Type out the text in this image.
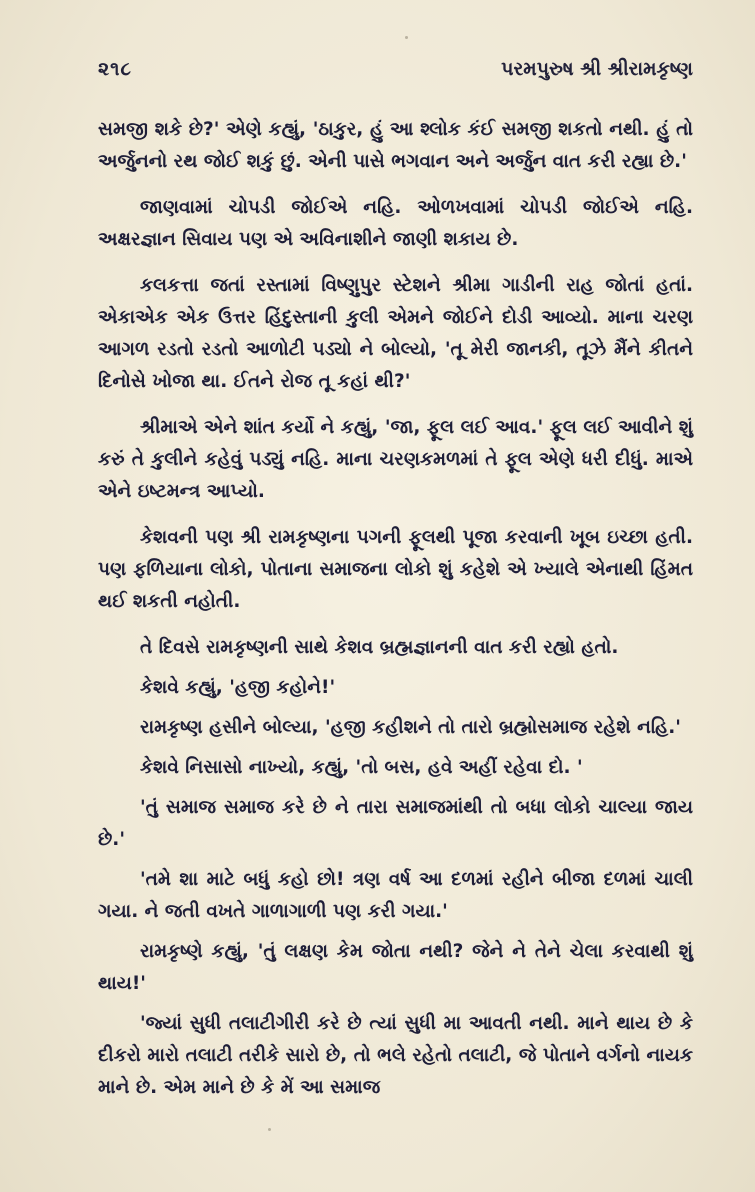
૨૧૮	પરમપુરુષ શ્રી શ્રીરામકૃષ્ણ

સમજી શકે છે?' એણે કહ્યું, 'ઠાકુર, હું આ શ્લોક કંઈ સમજી શકતો નથી. હું તો અર્જુનનો રથ જોઈ શકું છું. એની પાસે ભગવાન અને અર્જુન વાત કરી રહ્યા છે.'

જાણવામાં ચોપડી જોઈએ નહિ. ઓળખવામાં ચોપડી જોઈએ નહિ. અક્ષરજ્ઞાન સિવાય પણ એ અવિનાશીને જાણી શકાય છે.

કલકત્તા જતાં રસ્તામાં વિષ્ણુપુર સ્ટેશને શ્રીમા ગાડીની રાહ જોતાં હતાં. એકાએક એક ઉત્તર હિંદુસ્તાની કુલી એમને જોઈને દોડી આવ્યો. માના ચરણ આગળ રડતો રડતો આળોટી પડ્યો ને બોલ્યો, 'તૂ મેરી જાનકી, તૂઝે મૈંને કીતને દિનોસે ખોજા થા. ઈતને રોજ તૂ કહાં થી?'

શ્રીમાએ એને શાંત કર્યો ને કહ્યું, 'જા, ફૂલ લઈ આવ.' ફૂલ લઈ આવીને શું કરું તે કુલીને કહેવું પડ્યું નહિ. માના ચરણકમળમાં તે ફૂલ એણે ધરી દીધું. માએ એને ઇષ્ટમન્ત્ર આપ્યો.

કેશવની પણ શ્રી રામકૃષ્ણના પગની ફૂલથી પૂજા કરવાની ખૂબ ઇચ્છા હતી. પણ ફળિયાના લોકો, પોતાના સમાજના લોકો શું કહેશે એ ખ્યાલે એનાથી હિંમત થઈ શકતી નહોતી.

તે દિવસે રામકૃષ્ણની સાથે કેશવ બ્રહ્મજ્ઞાનની વાત કરી રહ્યો હતો.

કેશવે કહ્યું, 'હજી કહોને!'

રામકૃષ્ણ હસીને બોલ્યા, 'હજી કહીશને તો તારો બ્રહ્મોસમાજ રહેશે નહિ.'

કેશવે નિસાસો નાખ્યો, કહ્યું, 'તો બસ, હવે અહીં રહેવા દો. '

'તું સમાજ સમાજ કરે છે ને તારા સમાજમાંથી તો બધા લોકો ચાલ્યા જાય છે.'

'તમે શા માટે બધું કહો છો! ત્રણ વર્ષ આ દળમાં રહીને બીજા દળમાં ચાલી ગયા. ને જતી વખતે ગાળાગાળી પણ કરી ગયા.'

રામકૃષ્ણે કહ્યું, 'તું લક્ષણ કેમ જોતા નથી? જેને ને તેને ચેલા કરવાથી શું થાય!'

'જ્યાં સુધી તલાટીગીરી કરે છે ત્યાં સુધી મા આવતી નથી. માને થાય છે કે દીકરો મારો તલાટી તરીકે સારો છે, તો ભલે રહેતો તલાટી, જે પોતાને વર્ગનો નાયક માને છે. એમ માને છે કે મેં આ સમાજ
